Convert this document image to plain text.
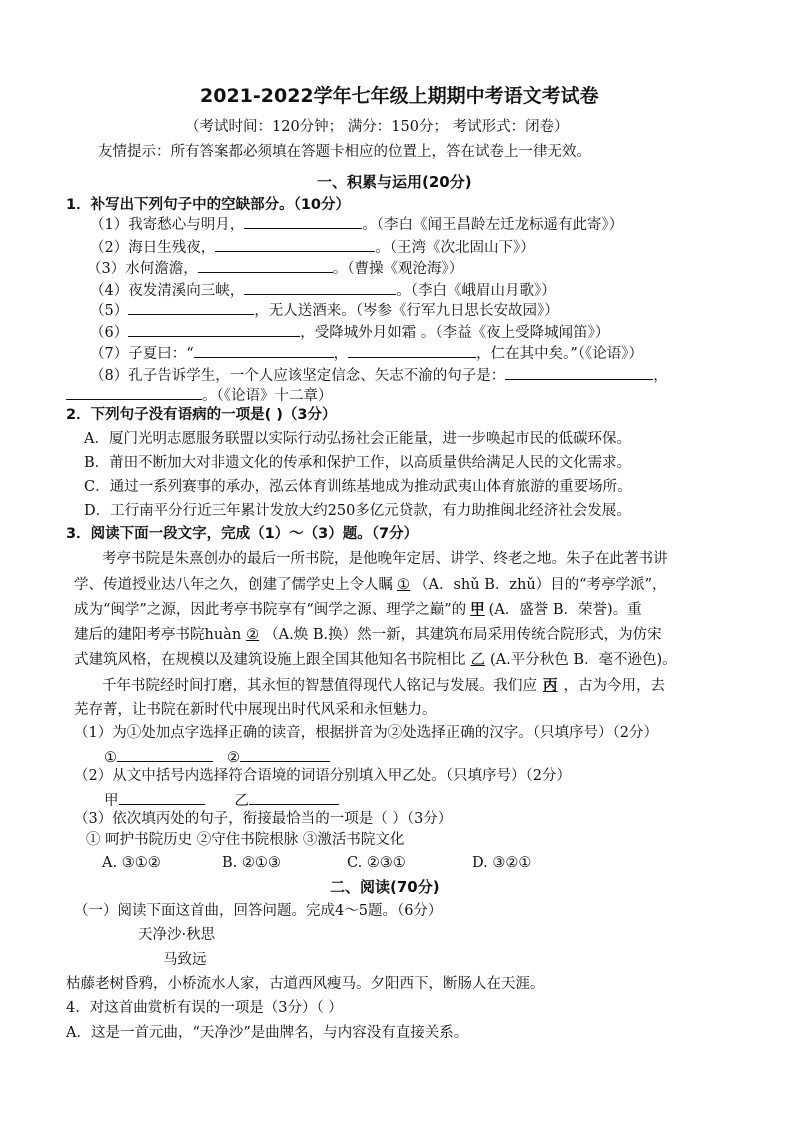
2021-2022学年七年级上期期中考语文考试卷
（考试时间：120分钟； 满分：150分； 考试形式：闭卷）
友情提示：所有答案都必须填在答题卡相应的位置上，答在试卷上一律无效。
一、积累与运用(20分)
1．补写出下列句子中的空缺部分。（10分）
（1）我寄愁心与明月，	。（李白《闻王昌龄左迁龙标遥有此寄》）
（2）海日生残夜，	。（王湾《次北固山下》）
（3）水何澹澹，	。（曹操《观沧海》）
（4）夜发清溪向三峡，	。（李白《峨眉山月歌》）
（5）	，无人送酒来。（岑参《行军九日思长安故园》）
（6）	，受降城外月如霜 。（李益《夜上受降城闻笛》）
（7）子夏曰：“	，	，仁在其中矣。”（《论语》）
（8）孔子告诉学生，一个人应该坚定信念、矢志不渝的句子是：	，
。（《论语》十二章）
2．下列句子没有语病的一项是( )（3分）
A．厦门光明志愿服务联盟以实际行动弘扬社会正能量，进一步唤起市民的低碳环保。
B．莆田不断加大对非遗文化的传承和保护工作，以高质量供给满足人民的文化需求。
C．通过一系列赛事的承办，泓云体育训练基地成为推动武夷山体育旅游的重要场所。
D．工行南平分行近三年累计发放大约250多亿元贷款，有力助推闽北经济社会发展。
3．阅读下面一段文字，完成（1）～（3）题。（7分）
考亭书院是朱熹创办的最后一所书院，是他晚年定居、讲学、终老之地。朱子在此著书讲
学、传道授业达八年之久，创建了儒学史上令人瞩 ① （A．shǔ B．zhǔ）目的“考亭学派”，
成为“闽学”之源，因此考亭书院享有“闽学之源、理学之巅”的 甲 (A．盛誉 B．荣誉)。重
建后的建阳考亭书院huàn ② （A.焕 B.换）然一新，其建筑布局采用传统合院形式，为仿宋
式建筑风格，在规模以及建筑设施上跟全国其他知名书院相比 乙 (A.平分秋色 B．毫不逊色)。
千年书院经时间打磨，其永恒的智慧值得现代人铭记与发展。我们应 丙 ，古为今用，去
芜存菁，让书院在新时代中展现出时代风采和永恒魅力。
（1）为①处加点字选择正确的读音，根据拼音为②处选择正确的汉字。（只填序号）（2分）
①	②
（2）从文中括号内选择符合语境的词语分别填入甲乙处。（只填序号）（2分）
甲	乙
（3）依次填丙处的句子，衔接最恰当的一项是（ ）（3分）
① 呵护书院历史 ②守住书院根脉 ③激活书院文化
A. ③①②	B. ②①③	C. ②③①	D. ③②①
二、阅读(70分)
（一）阅读下面这首曲，回答问题。完成4～5题。（6分）
天净沙·秋思
马致远
枯藤老树昏鸦，小桥流水人家，古道西风瘦马。夕阳西下，断肠人在天涯。
4．对这首曲赏析有误的一项是（3分）（ ）
A．这是一首元曲，“天净沙”是曲牌名，与内容没有直接关系。
